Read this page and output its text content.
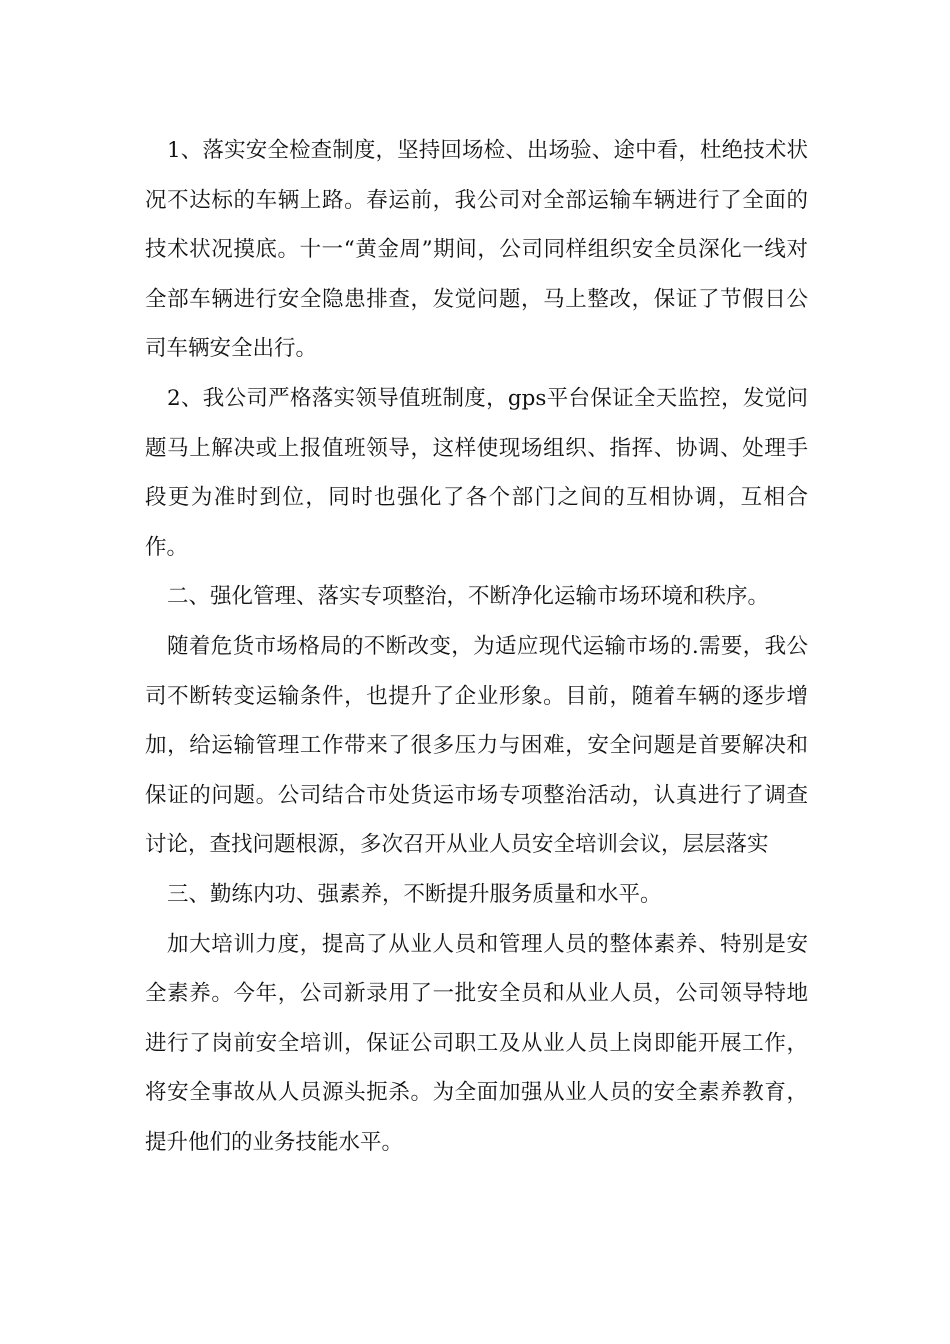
1、落实安全检查制度，坚持回场检、出场验、途中看，杜绝技术状况不达标的车辆上路。春运前，我公司对全部运输车辆进行了全面的技术状况摸底。十一“黄金周”期间，公司同样组织安全员深化一线对全部车辆进行安全隐患排查，发觉问题，马上整改，保证了节假日公司车辆安全出行。

2、我公司严格落实领导值班制度，gps平台保证全天监控，发觉问题马上解决或上报值班领导，这样使现场组织、指挥、协调、处理手段更为准时到位，同时也强化了各个部门之间的互相协调，互相合作。

二、强化管理、落实专项整治，不断净化运输市场环境和秩序。

随着危货市场格局的不断改变，为适应现代运输市场的.需要，我公司不断转变运输条件，也提升了企业形象。目前，随着车辆的逐步增加，给运输管理工作带来了很多压力与困难，安全问题是首要解决和保证的问题。公司结合市处货运市场专项整治活动，认真进行了调查讨论，查找问题根源，多次召开从业人员安全培训会议，层层落实

三、勤练内功、强素养，不断提升服务质量和水平。

加大培训力度，提高了从业人员和管理人员的整体素养、特别是安全素养。今年，公司新录用了一批安全员和从业人员，公司领导特地进行了岗前安全培训，保证公司职工及从业人员上岗即能开展工作，将安全事故从人员源头扼杀。为全面加强从业人员的安全素养教育，提升他们的业务技能水平。
